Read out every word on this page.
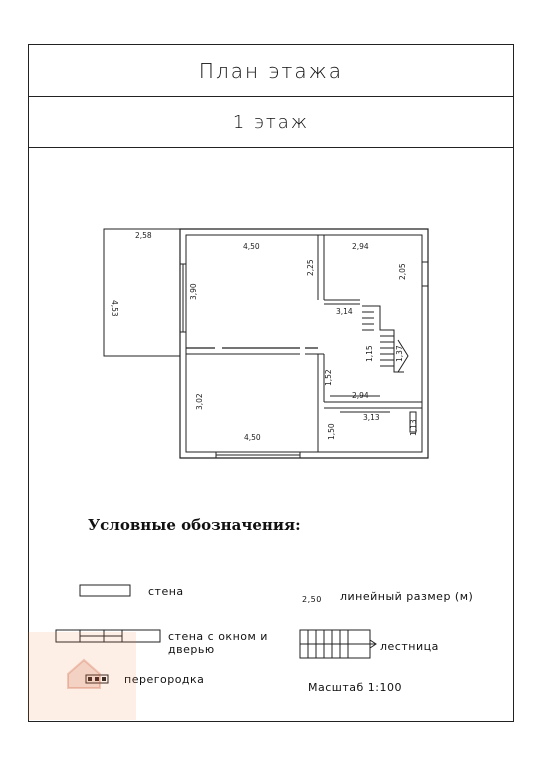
План этажа
1 этаж
2,58
4,53
4,50
3,90
2,94
2,25	2,05
3,14
1,15	1,37
1,52
3,02
4,50
2,94
3,13
1,50	1,13
Условные обозначения:
стена
стена с окном и дверью
перегородка
2,50 линейный размер (м)
лестница
Масштаб 1:100
